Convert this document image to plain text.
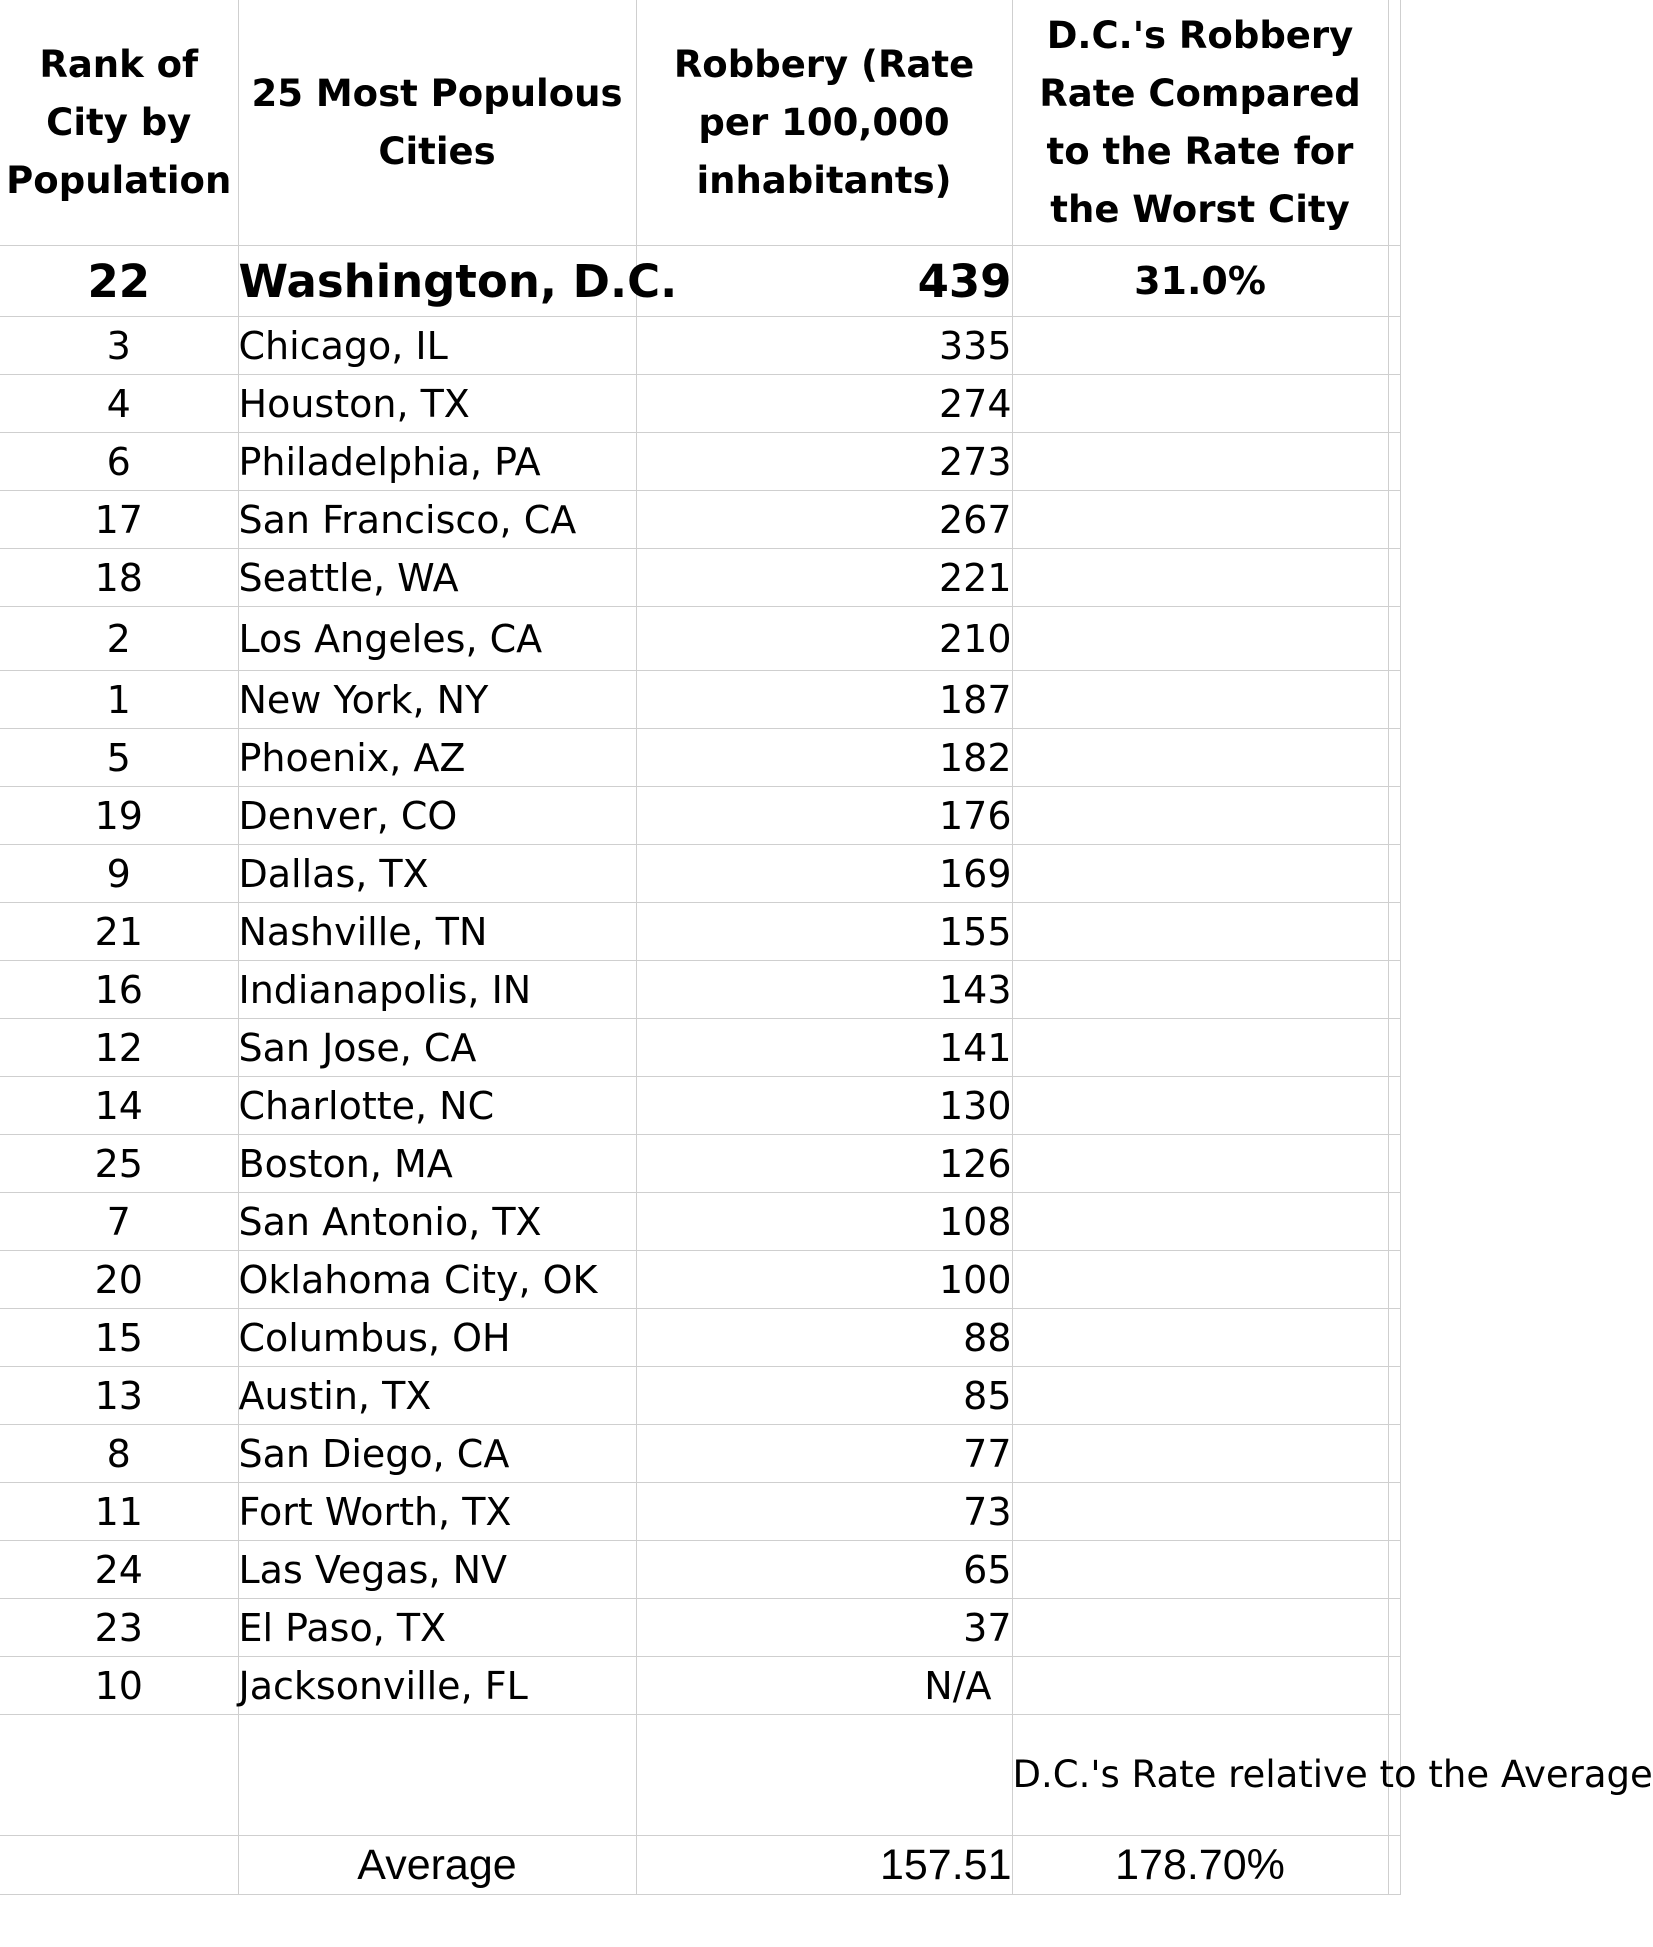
Rank of City by Population	25 Most Populous Cities	Robbery (Rate per 100,000 inhabitants)	D.C.'s Robbery Rate Compared to the Rate for the Worst City	

22	Washington, D.C.	439	31.0%	
3	Chicago, IL	335		
4	Houston, TX	274		
6	Philadelphia, PA	273		
17	San Francisco, CA	267		
18	Seattle, WA	221		
2	Los Angeles, CA	210		
1	New York, NY	187		
5	Phoenix, AZ	182		
19	Denver, CO	176		
9	Dallas, TX	169		
21	Nashville, TN	155		
16	Indianapolis, IN	143		
12	San Jose, CA	141		
14	Charlotte, NC	130		
25	Boston, MA	126		
7	San Antonio, TX	108		
20	Oklahoma City, OK	100		
15	Columbus, OH	88		
13	Austin, TX	85		
8	San Diego, CA	77		
11	Fort Worth, TX	73		
24	Las Vegas, NV	65		
23	El Paso, TX	37		
10	Jacksonville, FL	N/A		
			D.C.'s Rate relative to the Average	
	Average	157.51	178.70%	
